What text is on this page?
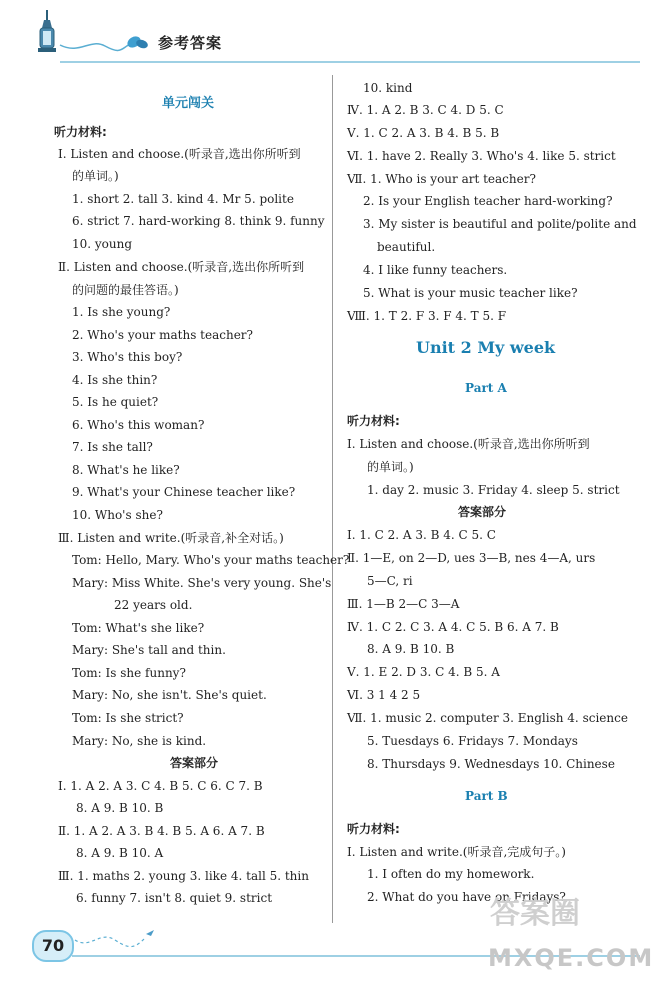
参考答案
单元闯关
听力材料:
Ⅰ. Listen and choose.(听录音,选出你所听到
的单词。)
1. short 2. tall 3. kind 4. Mr 5. polite
6. strict 7. hard-working 8. think 9. funny
10. young
Ⅱ. Listen and choose.(听录音,选出你所听到
的问题的最佳答语。)
1. Is she young?
2. Who's your maths teacher?
3. Who's this boy?
4. Is she thin?
5. Is he quiet?
6. Who's this woman?
7. Is she tall?
8. What's he like?
9. What's your Chinese teacher like?
10. Who's she?
Ⅲ. Listen and write.(听录音,补全对话。)
Tom: Hello, Mary. Who's your maths teacher?
Mary: Miss White. She's very young. She's
22 years old.
Tom: What's she like?
Mary: She's tall and thin.
Tom: Is she funny?
Mary: No, she isn't. She's quiet.
Tom: Is she strict?
Mary: No, she is kind.
答案部分
Ⅰ. 1. A 2. A 3. C 4. B 5. C 6. C 7. B
8. A 9. B 10. B
Ⅱ. 1. A 2. A 3. B 4. B 5. A 6. A 7. B
8. A 9. B 10. A
Ⅲ. 1. maths 2. young 3. like 4. tall 5. thin
6. funny 7. isn't 8. quiet 9. strict
10. kind
Ⅳ. 1. A 2. B 3. C 4. D 5. C
Ⅴ. 1. C 2. A 3. B 4. B 5. B
Ⅵ. 1. have 2. Really 3. Who's 4. like 5. strict
Ⅶ. 1. Who is your art teacher?
2. Is your English teacher hard-working?
3. My sister is beautiful and polite/polite and
beautiful.
4. I like funny teachers.
5. What is your music teacher like?
Ⅷ. 1. T 2. F 3. F 4. T 5. F
Unit 2 My week
Part A
听力材料:
Ⅰ. Listen and choose.(听录音,选出你所听到
的单词。)
1. day 2. music 3. Friday 4. sleep 5. strict
答案部分
Ⅰ. 1. C 2. A 3. B 4. C 5. C
Ⅱ. 1—E, on 2—D, ues 3—B, nes 4—A, urs
5—C, ri
Ⅲ. 1—B 2—C 3—A
Ⅳ. 1. C 2. C 3. A 4. C 5. B 6. A 7. B
8. A 9. B 10. B
Ⅴ. 1. E 2. D 3. C 4. B 5. A
Ⅵ. 3 1 4 2 5
Ⅶ. 1. music 2. computer 3. English 4. science
5. Tuesdays 6. Fridays 7. Mondays
8. Thursdays 9. Wednesdays 10. Chinese
Part B
听力材料:
Ⅰ. Listen and write.(听录音,完成句子。)
1. I often do my homework.
2. What do you have on Fridays?
70
答案圈
MXQE.COM
